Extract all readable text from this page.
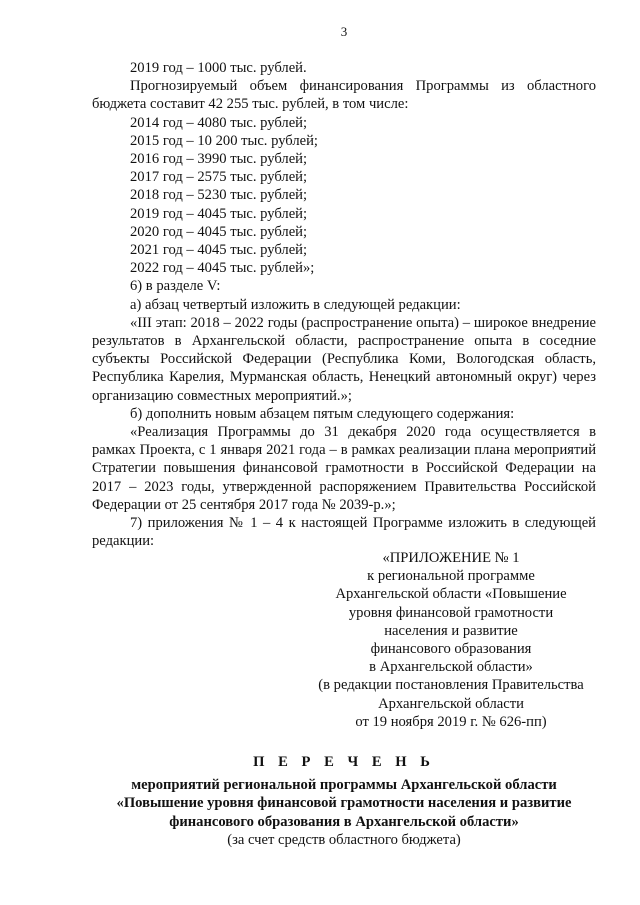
3

2019 год – 1000 тыс. рублей.

Прогнозируемый объем финансирования Программы из областного бюджета составит 42 255 тыс. рублей, в том числе:

2014 год – 4080 тыс. рублей;

2015 год – 10 200 тыс. рублей;

2016 год – 3990 тыс. рублей;

2017 год – 2575 тыс. рублей;

2018 год – 5230 тыс. рублей;

2019 год – 4045 тыс. рублей;

2020 год – 4045 тыс. рублей;

2021 год – 4045 тыс. рублей;

2022 год – 4045 тыс. рублей»;

6) в разделе V:

а) абзац четвертый изложить в следующей редакции:

«III этап: 2018 – 2022 годы (распространение опыта) – широкое внедрение результатов в Архангельской области, распространение опыта в соседние субъекты Российской Федерации (Республика Коми, Вологодская область, Республика Карелия, Мурманская область, Ненецкий автономный округ) через организацию совместных мероприятий.»;

б) дополнить новым абзацем пятым следующего содержания:

«Реализация Программы до 31 декабря 2020 года осуществляется в рамках Проекта, с 1 января 2021 года – в рамках реализации плана мероприятий Стратегии повышения финансовой грамотности в Российской Федерации на 2017 – 2023 годы, утвержденной распоряжением Правительства Российской Федерации от 25 сентября 2017 года № 2039-р.»;

7) приложения № 1 – 4 к настоящей Программе изложить в следующей редакции:

«ПРИЛОЖЕНИЕ № 1
к региональной программе
Архангельской области «Повышение
уровня финансовой грамотности
населения и развитие
финансового образования
в Архангельской области»
(в редакции постановления Правительства
Архангельской области
от 19 ноября 2019 г. № 626-пп)
П Е Р Е Ч Е Н Ь
мероприятий региональной программы Архангельской области
«Повышение уровня финансовой грамотности населения и развитие
финансового образования в Архангельской области»
(за счет средств областного бюджета)
